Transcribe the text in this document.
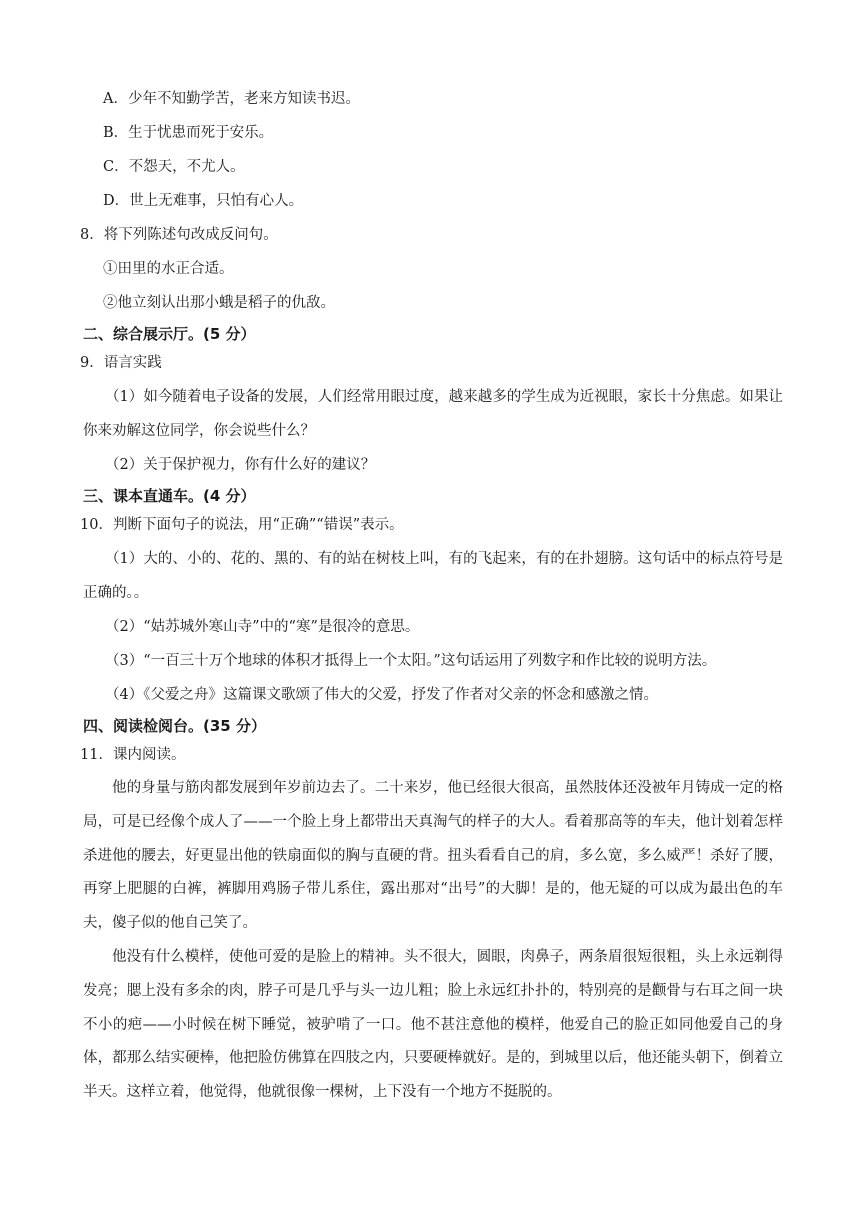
A．少年不知勤学苦，老来方知读书迟。
B．生于忧患而死于安乐。
C．不怨天，不尤人。
D．世上无难事，只怕有心人。
8．将下列陈述句改成反问句。
①田里的水正合适。
②他立刻认出那小蛾是稻子的仇敌。
二、综合展示厅。(5 分）
9．语言实践
（1）如今随着电子设备的发展，人们经常用眼过度，越来越多的学生成为近视眼，家长十分焦虑。如果让你来劝解这位同学，你会说些什么？
（2）关于保护视力，你有什么好的建议？
三、课本直通车。(4 分）
10．判断下面句子的说法，用“正确”“错误”表示。
（1）大的、小的、花的、黑的、有的站在树枝上叫，有的飞起来，有的在扑翅膀。这句话中的标点符号是正确的。。
（2）“姑苏城外寒山寺”中的“寒”是很冷的意思。
（3）“一百三十万个地球的体积才抵得上一个太阳。”这句话运用了列数字和作比较的说明方法。
（4）《父爱之舟》这篇课文歌颂了伟大的父爱，抒发了作者对父亲的怀念和感激之情。
四、阅读检阅台。(35 分）
11．课内阅读。

他的身量与筋肉都发展到年岁前边去了。二十来岁，他已经很大很高，虽然肢体还没被年月铸成一定的格局，可是已经像个成人了——一个脸上身上都带出天真淘气的样子的大人。看着那高等的车夫，他计划着怎样杀进他的腰去，好更显出他的铁扇面似的胸与直硬的背。扭头看看自己的肩，多么宽，多么威严！杀好了腰，再穿上肥腿的白裤，裤脚用鸡肠子带儿系住，露出那对“出号”的大脚！是的，他无疑的可以成为最出色的车夫，傻子似的他自己笑了。

他没有什么模样，使他可爱的是脸上的精神。头不很大，圆眼，肉鼻子，两条眉很短很粗，头上永远剃得发亮；腮上没有多余的肉，脖子可是几乎与头一边儿粗；脸上永远红扑扑的，特别亮的是颧骨与右耳之间一块不小的疤——小时候在树下睡觉，被驴啃了一口。他不甚注意他的模样，他爱自己的脸正如同他爱自己的身体，都那么结实硬棒，他把脸仿佛算在四肢之内，只要硬棒就好。是的，到城里以后，他还能头朝下，倒着立半天。这样立着，他觉得，他就很像一棵树，上下没有一个地方不挺脱的。
